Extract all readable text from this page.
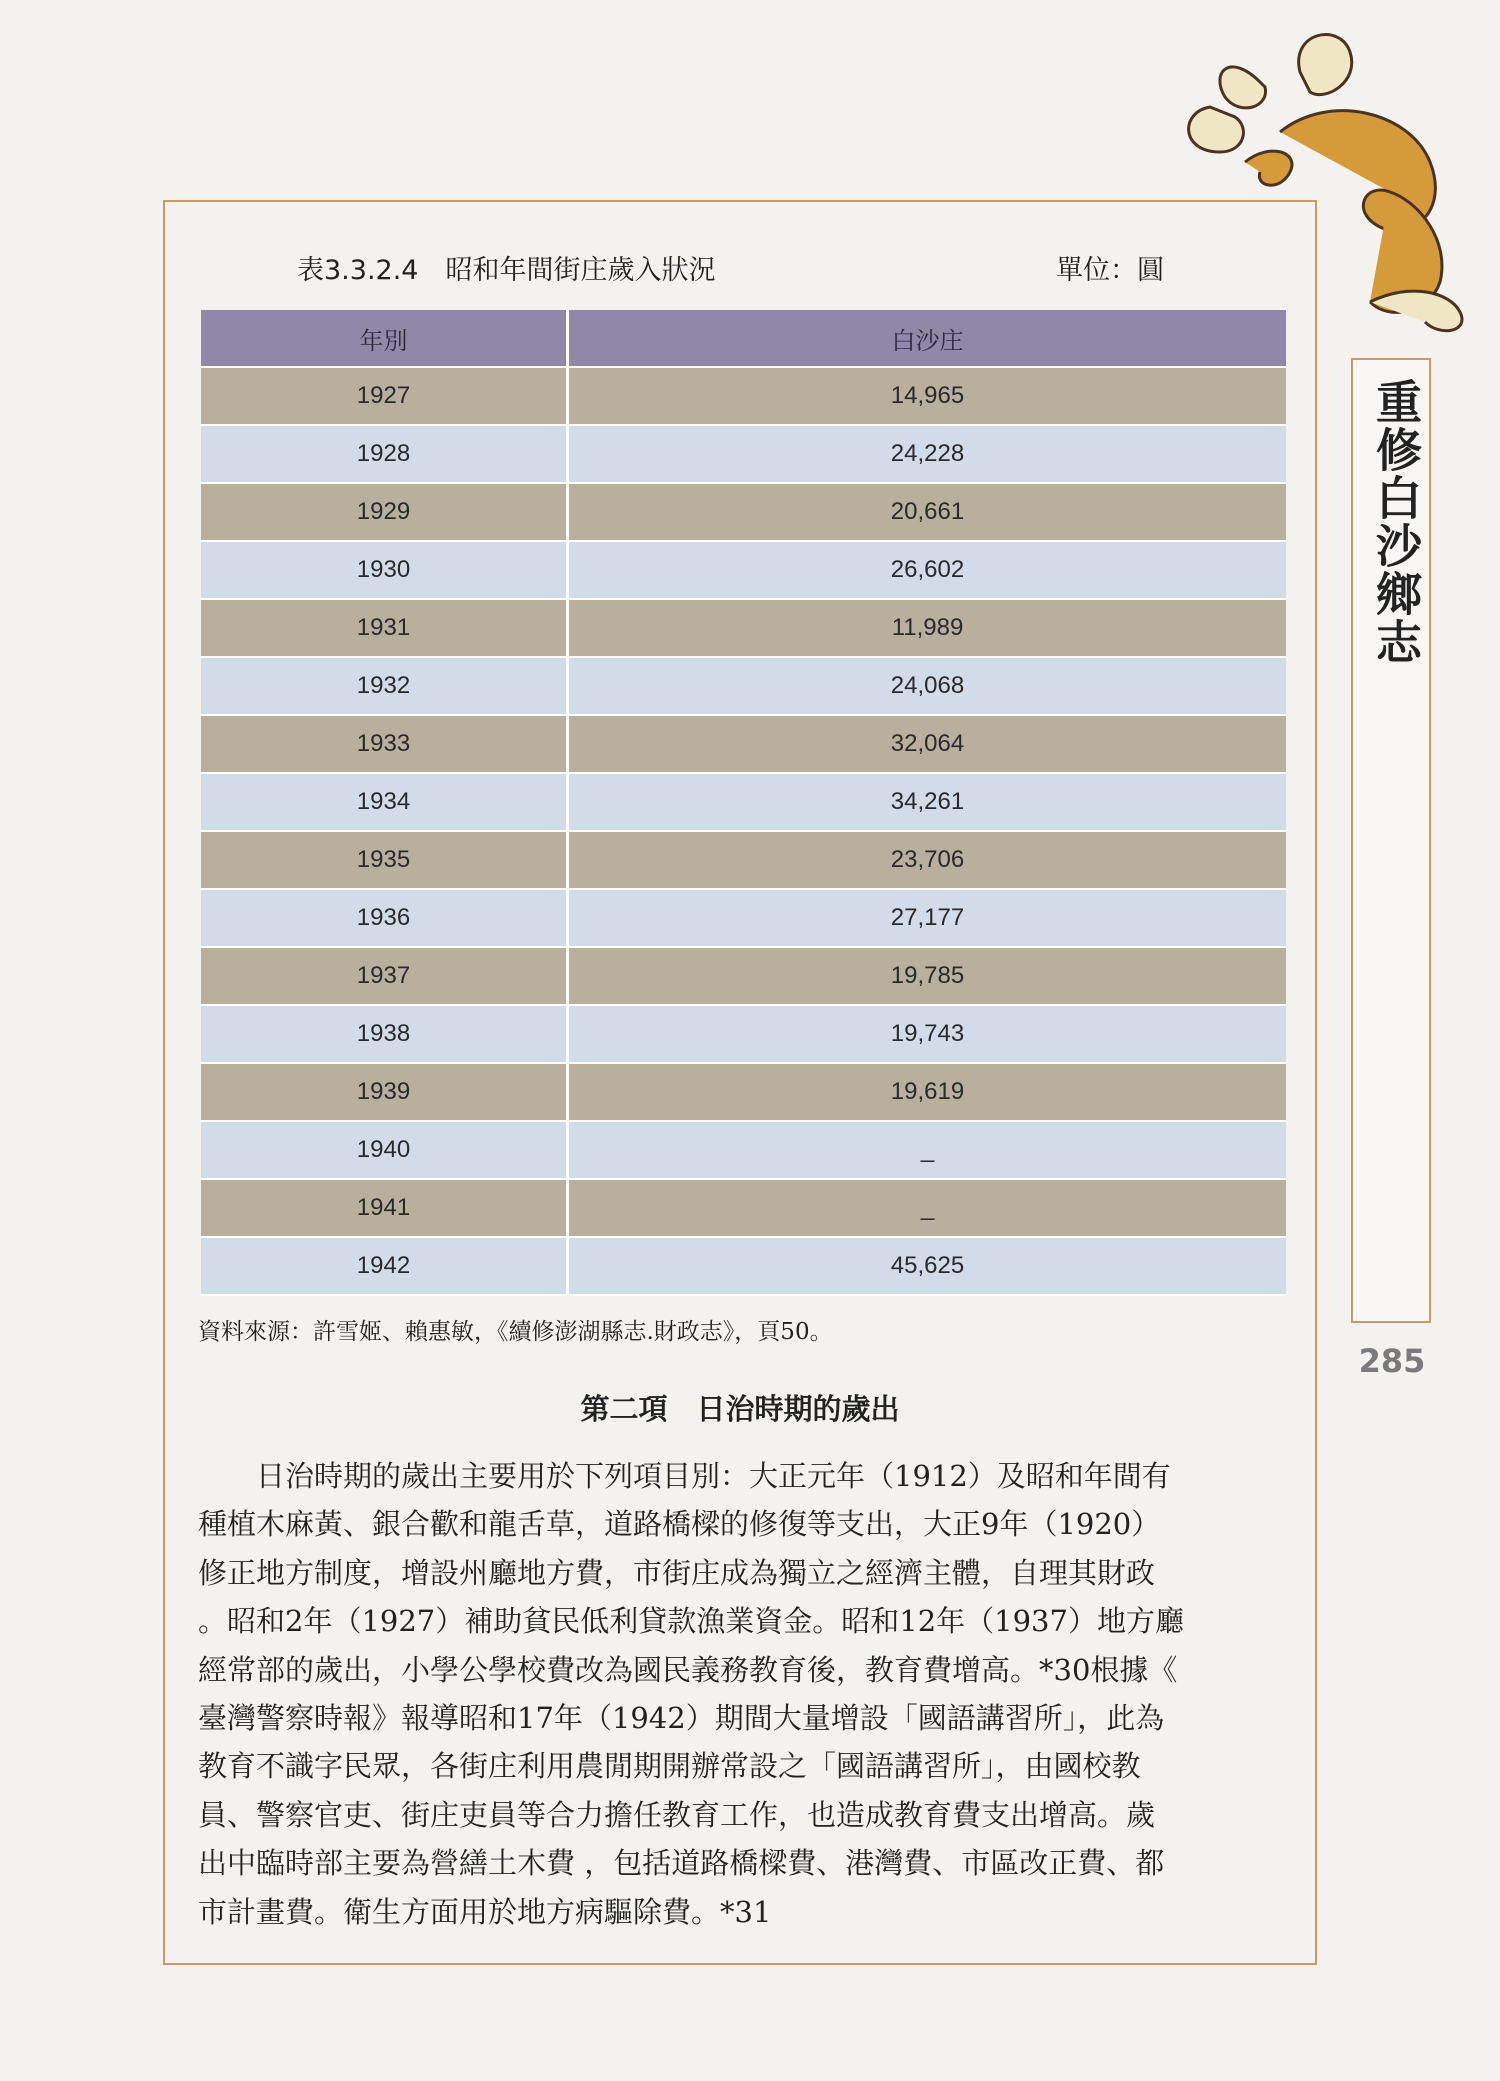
重修白沙鄉志
285
表3.3.2.4　昭和年間街庄歲入狀況	單位：圓
年別	白沙庄
1927	14,965
1928	24,228
1929	20,661
1930	26,602
1931	11,989
1932	24,068
1933	32,064
1934	34,261
1935	23,706
1936	27,177
1937	19,785
1938	19,743
1939	19,619
1940	_
1941	_
1942	45,625
資料來源：許雪姬、賴惠敏，《續修澎湖縣志.財政志》，頁50。
第二項　日治時期的歲出
　　日治時期的歲出主要用於下列項目別：大正元年（1912）及昭和年間有
種植木麻黃、銀合歡和龍舌草，道路橋樑的修復等支出，大正9年（1920）
修正地方制度，增設州廳地方費，市街庄成為獨立之經濟主體，自理其財政
。昭和2年（1927）補助貧民低利貸款漁業資金。昭和12年（1937）地方廳
經常部的歲出，小學公學校費改為國民義務教育後，教育費增高。*30根據《
臺灣警察時報》報導昭和17年（1942）期間大量增設「國語講習所」，此為
教育不識字民眾，各街庄利用農閒期開辦常設之「國語講習所」，由國校教
員、警察官吏、街庄吏員等合力擔任教育工作，也造成教育費支出增高。歲
出中臨時部主要為營繕土木費 ，包括道路橋樑費、港灣費、市區改正費、都
市計畫費。衛生方面用於地方病驅除費。*31
